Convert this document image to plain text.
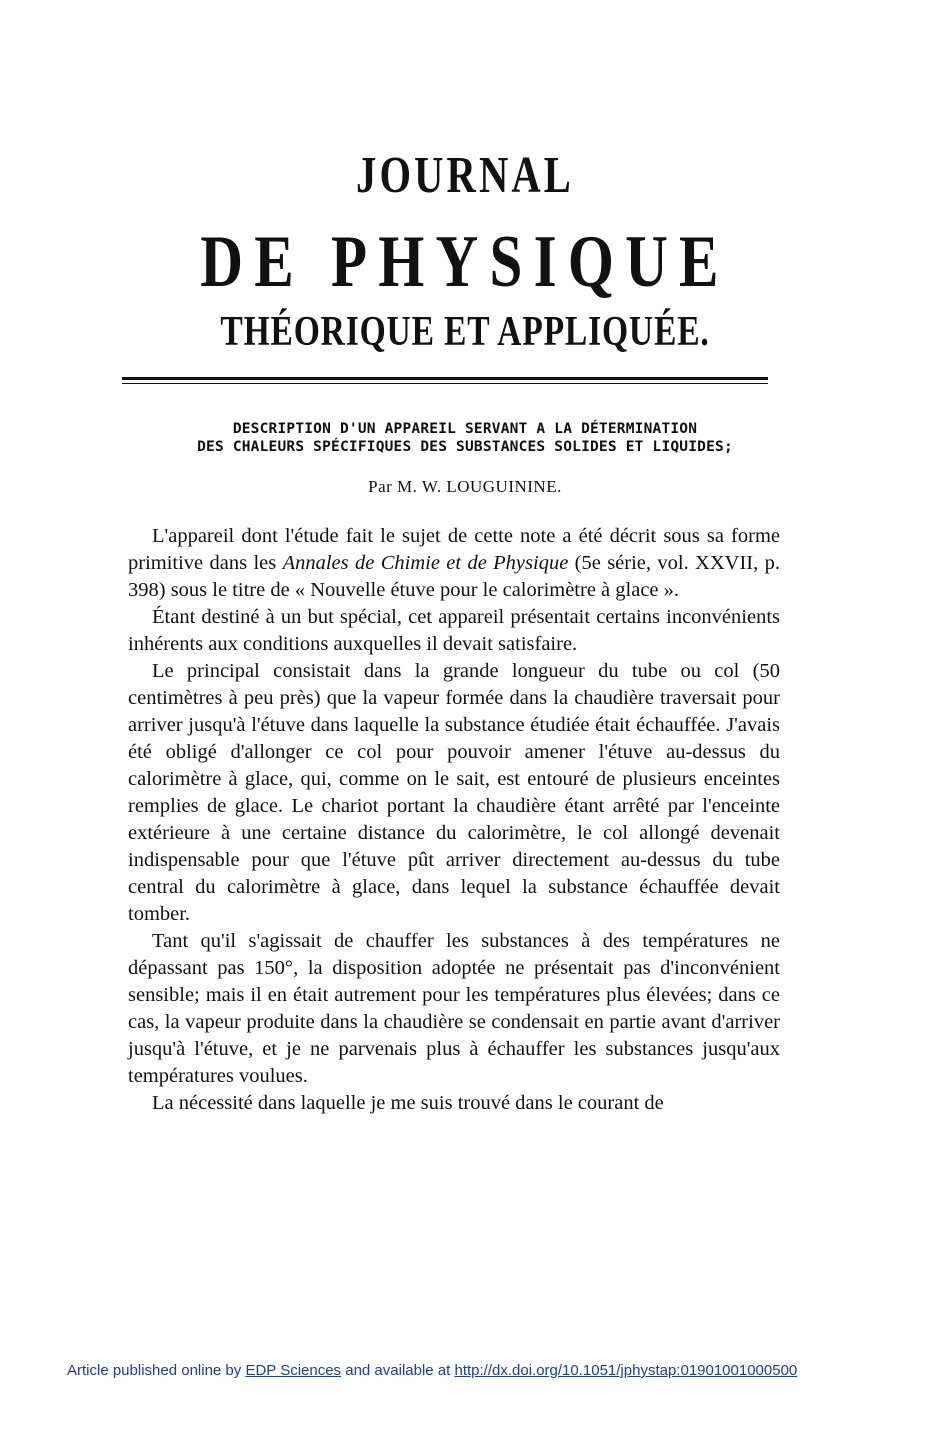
JOURNAL
DE PHYSIQUE
THÉORIQUE ET APPLIQUÉE.
DESCRIPTION D'UN APPAREIL SERVANT A LA DÉTERMINATION
DES CHALEURS SPÉCIFIQUES DES SUBSTANCES SOLIDES ET LIQUIDES;
Par M. W. LOUGUININE.

L'appareil dont l'étude fait le sujet de cette note a été décrit sous sa forme primitive dans les Annales de Chimie et de Physique (5e série, vol. XXVII, p. 398) sous le titre de « Nouvelle étuve pour le calorimètre à glace ».

Étant destiné à un but spécial, cet appareil présentait certains inconvénients inhérents aux conditions auxquelles il devait satisfaire.

Le principal consistait dans la grande longueur du tube ou col (50 centimètres à peu près) que la vapeur formée dans la chaudière traversait pour arriver jusqu'à l'étuve dans laquelle la substance étudiée était échauffée. J'avais été obligé d'allonger ce col pour pouvoir amener l'étuve au-dessus du calorimètre à glace, qui, comme on le sait, est entouré de plusieurs enceintes remplies de glace. Le chariot portant la chaudière étant arrêté par l'enceinte extérieure à une certaine distance du calorimètre, le col allongé devenait indispensable pour que l'étuve pût arriver directement au-dessus du tube central du calorimètre à glace, dans lequel la substance échauffée devait tomber.

Tant qu'il s'agissait de chauffer les substances à des températures ne dépassant pas 150°, la disposition adoptée ne présentait pas d'inconvénient sensible; mais il en était autrement pour les températures plus élevées; dans ce cas, la vapeur produite dans la chaudière se condensait en partie avant d'arriver jusqu'à l'étuve, et je ne parvenais plus à échauffer les substances jusqu'aux températures voulues.

La nécessité dans laquelle je me suis trouvé dans le courant de

Article published online by EDP Sciences and available at http://dx.doi.org/10.1051/jphystap:01901001000500
